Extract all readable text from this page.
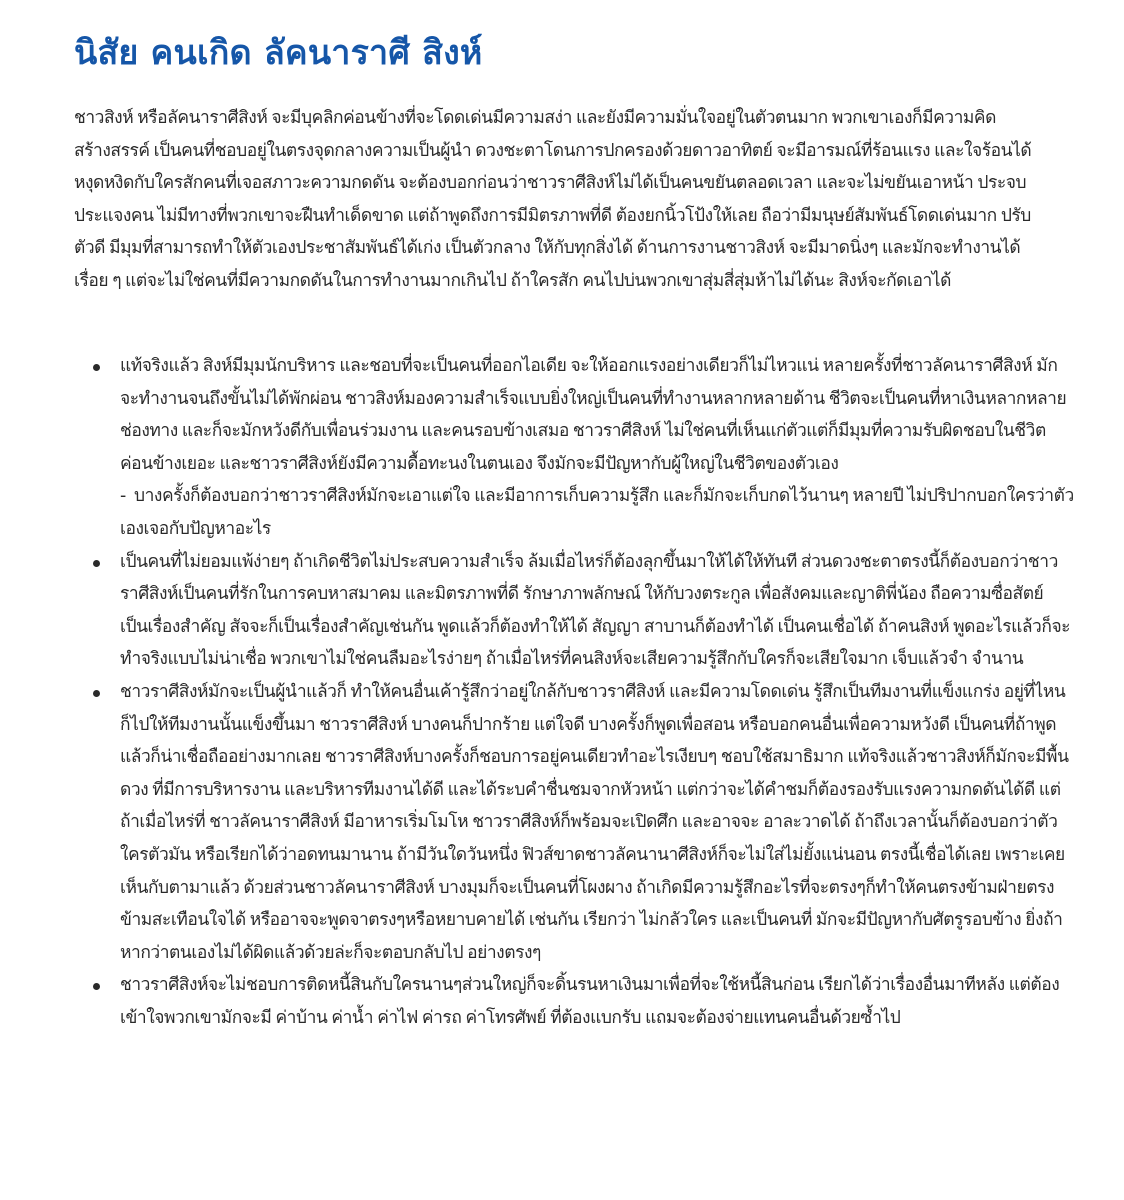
นิสัย คนเกิด ลัคนาราศี สิงห์

ชาวสิงห์ หรือลัคนาราศีสิงห์ จะมีบุคลิกค่อนข้างที่จะโดดเด่นมีความสง่า และยังมีความมั่นใจอยู่ในตัวตนมาก พวกเขาเองก็มีความคิดสร้างสรรค์ เป็นคนที่ชอบอยู่ในตรงจุดกลางความเป็นผู้นำ ดวงชะตาโดนการปกครองด้วยดาวอาทิตย์ จะมีอารมณ์ที่ร้อนแรง และใจร้อนได้ หงุดหงิดกับใครสักคนที่เจอสภาวะความกดดัน จะต้องบอกก่อนว่าชาวราศีสิงห์ไม่ได้เป็นคนขยันตลอดเวลา และจะไม่ขยันเอาหน้า ประจบประแจงคน ไม่มีทางที่พวกเขาจะฝืนทำเด็ดขาด แต่ถ้าพูดถึงการมีมิตรภาพที่ดี ต้องยกนิ้วโป้งให้เลย ถือว่ามีมนุษย์สัมพันธ์โดดเด่นมาก ปรับตัวดี มีมุมที่สามารถทำให้ตัวเองประชาสัมพันธ์ได้เก่ง เป็นตัวกลาง ให้กับทุกสิ่งได้ ด้านการงานชาวสิงห์ จะมีมาดนิ่งๆ และมักจะทำงานได้เรื่อย ๆ แต่จะไม่ใช่คนที่มีความกดดันในการทำงานมากเกินไป ถ้าใครสัก คนไปบ่นพวกเขาสุ่มสี่สุ่มห้าไม่ได้นะ สิงห์จะกัดเอาได้

แท้จริงแล้ว สิงห์มีมุมนักบริหาร และชอบที่จะเป็นคนที่ออกไอเดีย จะให้ออกแรงอย่างเดียวก็ไม่ไหวแน่ หลายครั้งที่ชาวลัคนาราศีสิงห์ มักจะทำงานจนถึงขั้นไม่ได้พักผ่อน ชาวสิงห์มองความสำเร็จแบบยิ่งใหญ่เป็นคนที่ทำงานหลากหลายด้าน ชีวิตจะเป็นคนที่หาเงินหลากหลายช่องทาง และก็จะมักหวังดีกับเพื่อนร่วมงาน และคนรอบข้างเสมอ ชาวราศีสิงห์ ไม่ใช่คนที่เห็นแก่ตัวแต่ก็มีมุมที่ความรับผิดชอบในชีวิตค่อนข้างเยอะ และชาวราศีสิงห์ยังมีความดื้อทะนงในตนเอง จึงมักจะมีปัญหากับผู้ใหญ่ในชีวิตของตัวเอง

- บางครั้งก็ต้องบอกว่าชาวราศีสิงห์มักจะเอาแต่ใจ และมีอาการเก็บความรู้สึก และก็มักจะเก็บกดไว้นานๆ หลายปี ไม่ปริปากบอกใครว่าตัวเองเจอกับปัญหาอะไร

เป็นคนที่ไม่ยอมแพ้ง่ายๆ ถ้าเกิดชีวิตไม่ประสบความสำเร็จ ล้มเมื่อไหร่ก็ต้องลุกขึ้นมาให้ได้ให้ทันที ส่วนดวงชะตาตรงนี้ก็ต้องบอกว่าชาวราศีสิงห์เป็นคนที่รักในการคบหาสมาคม และมิตรภาพที่ดี รักษาภาพลักษณ์ ให้กับวงตระกูล เพื่อสังคมและญาติพี่น้อง ถือความซื่อสัตย์ เป็นเรื่องสำคัญ สัจจะก็เป็นเรื่องสำคัญเช่นกัน พูดแล้วก็ต้องทำให้ได้ สัญญา สาบานก็ต้องทำได้ เป็นคนเชื่อได้ ถ้าคนสิงห์ พูดอะไรแล้วก็จะทำจริงแบบไม่น่าเชื่อ พวกเขาไม่ใช่คนลืมอะไรง่ายๆ ถ้าเมื่อไหร่ที่คนสิงห์จะเสียความรู้สึกกับใครก็จะเสียใจมาก เจ็บแล้วจำ จำนาน

ชาวราศีสิงห์มักจะเป็นผู้นำแล้วก็ ทำให้คนอื่นเค้ารู้สึกว่าอยู่ใกล้กับชาวราศีสิงห์ และมีความโดดเด่น รู้สึกเป็นทีมงานที่แข็งแกร่ง อยู่ที่ไหนก็ไปให้ทีมงานนั้นแข็งขึ้นมา ชาวราศีสิงห์ บางคนก็ปากร้าย แต่ใจดี บางครั้งก็พูดเพื่อสอน หรือบอกคนอื่นเพื่อความหวังดี เป็นคนที่ถ้าพูดแล้วก็น่าเชื่อถืออย่างมากเลย ชาวราศีสิงห์บางครั้งก็ชอบการอยู่คนเดียวทำอะไรเงียบๆ ชอบใช้สมาธิมาก แท้จริงแล้วชาวสิงห์ก็มักจะมีพื้นดวง ที่มีการบริหารงาน และบริหารทีมงานได้ดี และได้ระบคำชื่นชมจากหัวหน้า แต่กว่าจะได้คำชมก็ต้องรองรับแรงความกดดันได้ดี แต่ถ้าเมื่อไหร่ที่ ชาวลัคนาราศีสิงห์ มีอาหารเริ่มโมโห ชาวราศีสิงห์ก็พร้อมจะเปิดศึก และอาจจะ อาละวาดได้ ถ้าถึงเวลานั้นก็ต้องบอกว่าตัวใครตัวมัน หรือเรียกได้ว่าอดทนมานาน ถ้ามีวันใดวันหนึ่ง ฟิวส์ขาดชาวลัคนานาศีสิงห์ก็จะไม่ใส่ไม่ยั้งแน่นอน ตรงนี้เชื่อได้เลย เพราะเคยเห็นกับตามาแล้ว ด้วยส่วนชาวลัคนาราศีสิงห์ บางมุมก็จะเป็นคนที่โผงผาง ถ้าเกิดมีความรู้สึกอะไรที่จะตรงๆก็ทำให้คนตรงข้ามฝ่ายตรงข้ามสะเทือนใจได้ หรืออาจจะพูดจาตรงๆหรือหยาบคายได้ เช่นกัน เรียกว่า ไม่กลัวใคร และเป็นคนที่ มักจะมีปัญหากับศัตรูรอบข้าง ยิ่งถ้าหากว่าตนเองไม่ได้ผิดแล้วด้วยล่ะก็จะตอบกลับไป อย่างตรงๆ

ชาวราศีสิงห์จะไม่ชอบการติดหนี้สินกับใครนานๆส่วนใหญ่ก็จะดิ้นรนหาเงินมาเพื่อที่จะใช้หนี้สินก่อน เรียกได้ว่าเรื่องอื่นมาทีหลัง แต่ต้องเข้าใจพวกเขามักจะมี ค่าบ้าน ค่าน้ำ ค่าไฟ ค่ารถ ค่าโทรศัพย์ ที่ต้องแบกรับ แถมจะต้องจ่ายแทนคนอื่นด้วยซ้ำไป
